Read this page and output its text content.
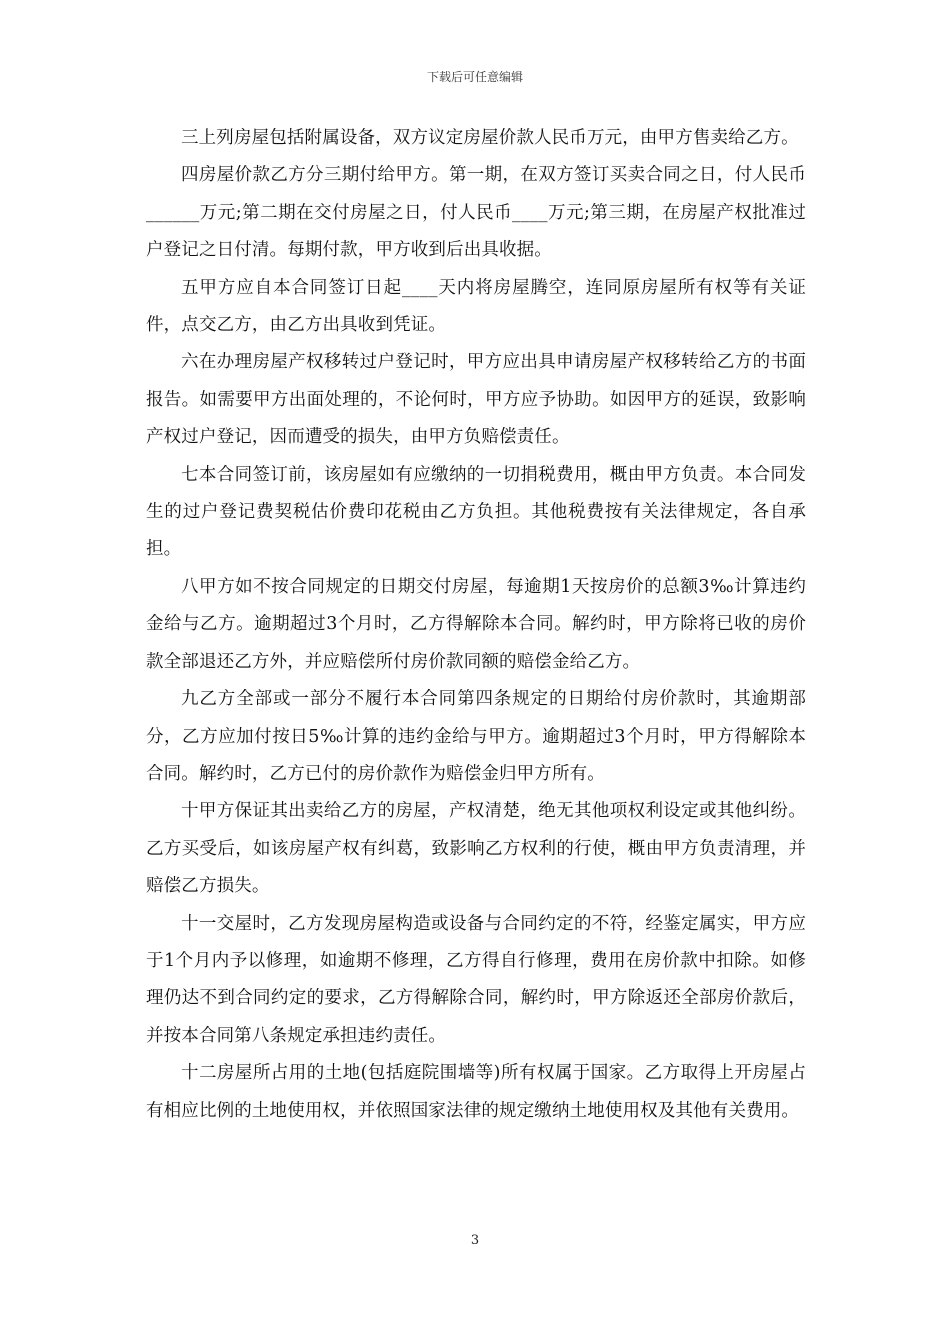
下载后可任意编辑

三上列房屋包括附属设备，双方议定房屋价款人民币万元，由甲方售卖给乙方。

四房屋价款乙方分三期付给甲方。第一期，在双方签订买卖合同之日，付人民币______万元;第二期在交付房屋之日，付人民币____万元;第三期，在房屋产权批准过户登记之日付清。每期付款，甲方收到后出具收据。

五甲方应自本合同签订日起____天内将房屋腾空，连同原房屋所有权等有关证件，点交乙方，由乙方出具收到凭证。

六在办理房屋产权移转过户登记时，甲方应出具申请房屋产权移转给乙方的书面报告。如需要甲方出面处理的，不论何时，甲方应予协助。如因甲方的延误，致影响产权过户登记，因而遭受的损失，由甲方负赔偿责任。

七本合同签订前，该房屋如有应缴纳的一切捐税费用，概由甲方负责。本合同发生的过户登记费契税估价费印花税由乙方负担。其他税费按有关法律规定，各自承担。

八甲方如不按合同规定的日期交付房屋，每逾期1天按房价的总额3‰计算违约金给与乙方。逾期超过3个月时，乙方得解除本合同。解约时，甲方除将已收的房价款全部退还乙方外，并应赔偿所付房价款同额的赔偿金给乙方。

九乙方全部或一部分不履行本合同第四条规定的日期给付房价款时，其逾期部分，乙方应加付按日5‰计算的违约金给与甲方。逾期超过3个月时，甲方得解除本合同。解约时，乙方已付的房价款作为赔偿金归甲方所有。

十甲方保证其出卖给乙方的房屋，产权清楚，绝无其他项权利设定或其他纠纷。乙方买受后，如该房屋产权有纠葛，致影响乙方权利的行使，概由甲方负责清理，并赔偿乙方损失。

十一交屋时，乙方发现房屋构造或设备与合同约定的不符，经鉴定属实，甲方应于1个月内予以修理，如逾期不修理，乙方得自行修理，费用在房价款中扣除。如修理仍达不到合同约定的要求，乙方得解除合同，解约时，甲方除返还全部房价款后，并按本合同第八条规定承担违约责任。

十二房屋所占用的土地(包括庭院围墙等)所有权属于国家。乙方取得上开房屋占有相应比例的土地使用权，并依照国家法律的规定缴纳土地使用权及其他有关费用。

3
